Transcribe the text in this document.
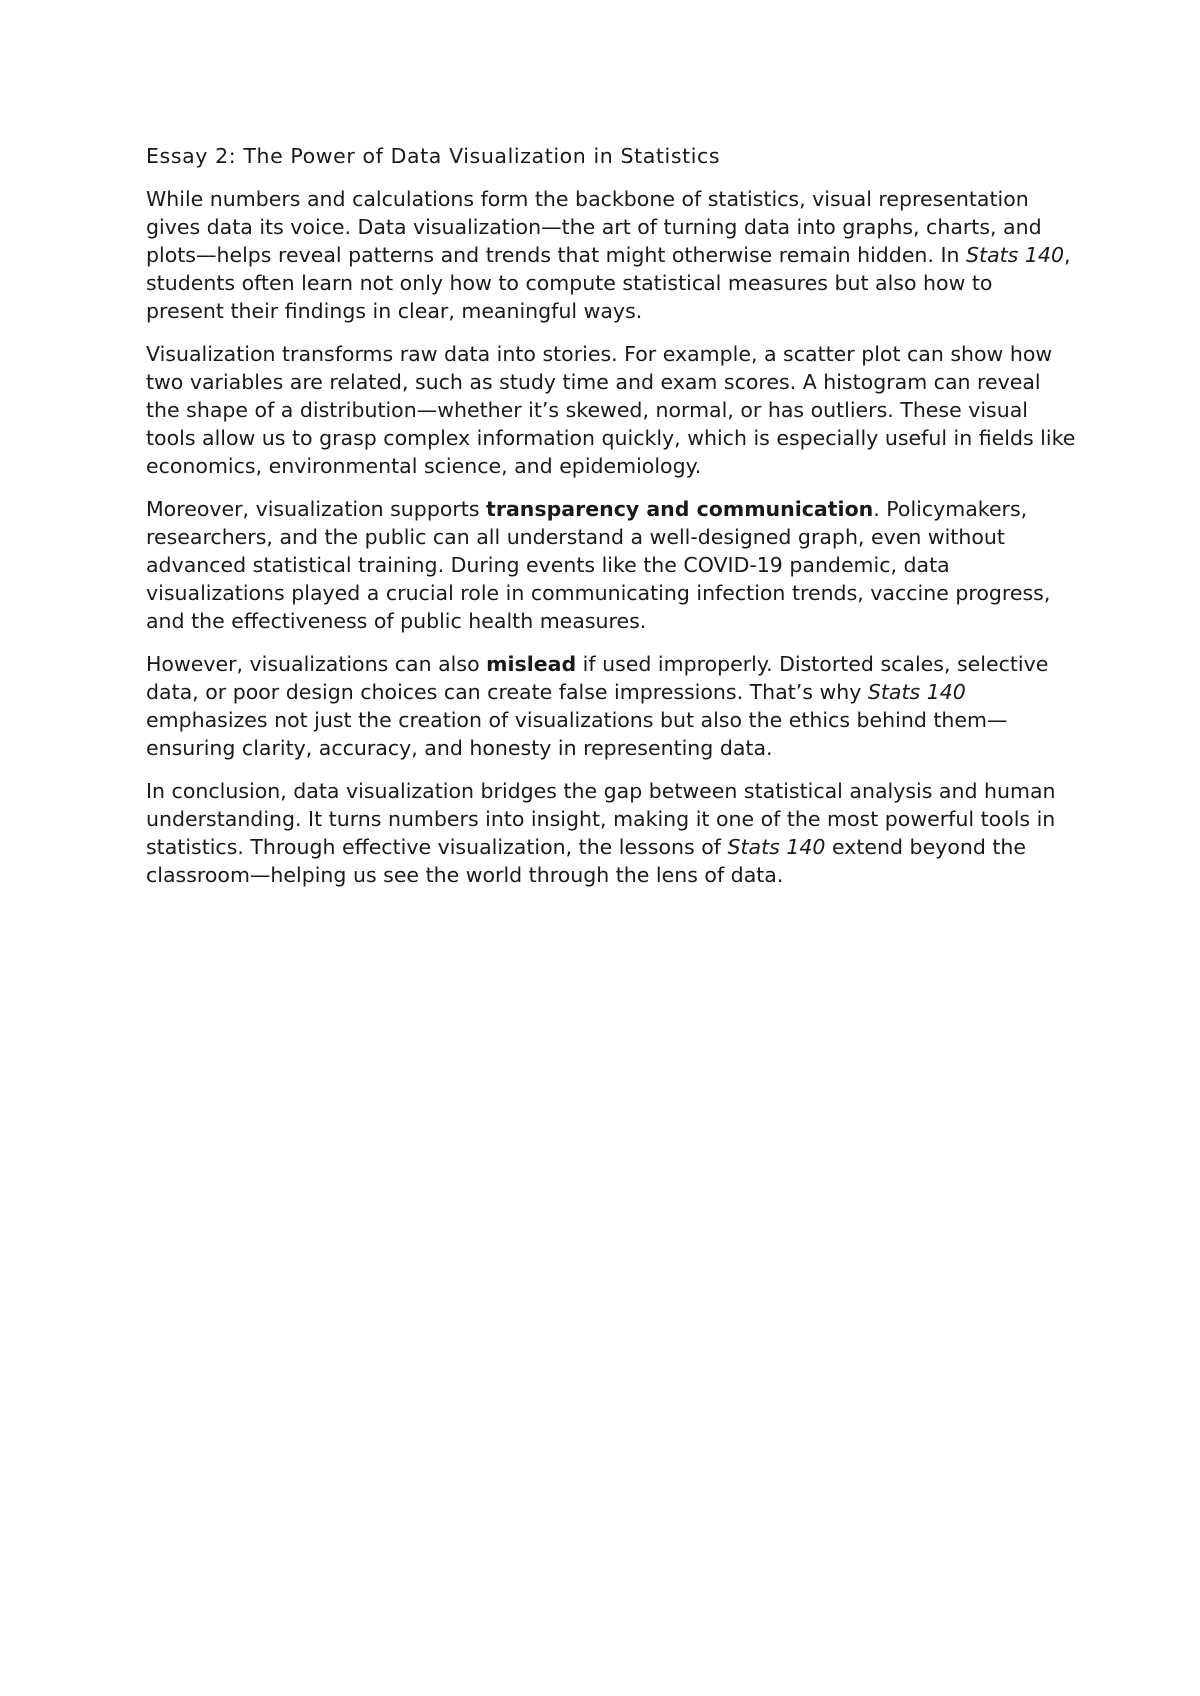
Essay 2: The Power of Data Visualization in Statistics

While numbers and calculations form the backbone of statistics, visual representation gives data its voice. Data visualization—the art of turning data into graphs, charts, and plots—helps reveal patterns and trends that might otherwise remain hidden. In Stats 140, students often learn not only how to compute statistical measures but also how to present their findings in clear, meaningful ways.

Visualization transforms raw data into stories. For example, a scatter plot can show how two variables are related, such as study time and exam scores. A histogram can reveal the shape of a distribution—whether it’s skewed, normal, or has outliers. These visual tools allow us to grasp complex information quickly, which is especially useful in fields like economics, environmental science, and epidemiology.

Moreover, visualization supports transparency and communication. Policymakers, researchers, and the public can all understand a well-designed graph, even without advanced statistical training. During events like the COVID-19 pandemic, data visualizations played a crucial role in communicating infection trends, vaccine progress, and the effectiveness of public health measures.

However, visualizations can also mislead if used improperly. Distorted scales, selective data, or poor design choices can create false impressions. That’s why Stats 140 emphasizes not just the creation of visualizations but also the ethics behind them—ensuring clarity, accuracy, and honesty in representing data.

In conclusion, data visualization bridges the gap between statistical analysis and human understanding. It turns numbers into insight, making it one of the most powerful tools in statistics. Through effective visualization, the lessons of Stats 140 extend beyond the classroom—helping us see the world through the lens of data.
